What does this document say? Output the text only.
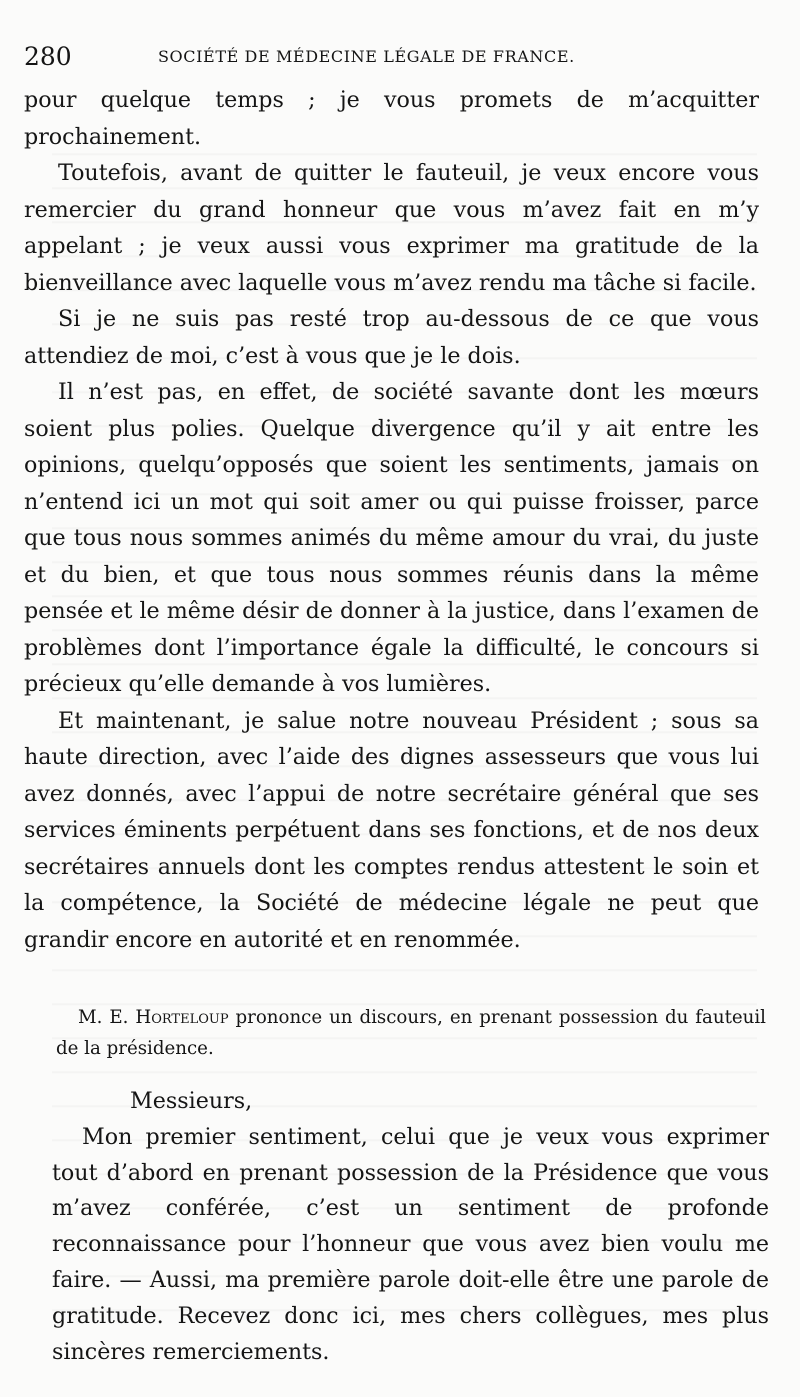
280	SOCIÉTÉ DE MÉDECINE LÉGALE DE FRANCE.

pour quelque temps ; je vous promets de m’acquitter prochainement.

Toutefois, avant de quitter le fauteuil, je veux encore vous remercier du grand honneur que vous m’avez fait en m’y appelant ; je veux aussi vous exprimer ma gratitude de la bienveillance avec laquelle vous m’avez rendu ma tâche si facile.

Si je ne suis pas resté trop au-dessous de ce que vous attendiez de moi, c’est à vous que je le dois.

Il n’est pas, en effet, de société savante dont les mœurs soient plus polies. Quelque divergence qu’il y ait entre les opinions, quelqu’opposés que soient les sentiments, jamais on n’entend ici un mot qui soit amer ou qui puisse froisser, parce que tous nous sommes animés du même amour du vrai, du juste et du bien, et que tous nous sommes réunis dans la même pensée et le même désir de donner à la justice, dans l’examen de problèmes dont l’importance égale la difficulté, le concours si précieux qu’elle demande à vos lumières.

Et maintenant, je salue notre nouveau Président ; sous sa haute direction, avec l’aide des dignes assesseurs que vous lui avez donnés, avec l’appui de notre secrétaire général que ses services éminents perpétuent dans ses fonctions, et de nos deux secrétaires annuels dont les comptes rendus attestent le soin et la compétence, la Société de médecine légale ne peut que grandir encore en autorité et en renommée.

M. E. Horteloup prononce un discours, en prenant possession du fauteuil de la présidence.

Messieurs,

Mon premier sentiment, celui que je veux vous exprimer tout d’abord en prenant possession de la Présidence que vous m’avez conférée, c’est un sentiment de profonde reconnaissance pour l’honneur que vous avez bien voulu me faire. — Aussi, ma première parole doit-elle être une parole de gratitude. Recevez donc ici, mes chers collègues, mes plus sincères remerciements.
